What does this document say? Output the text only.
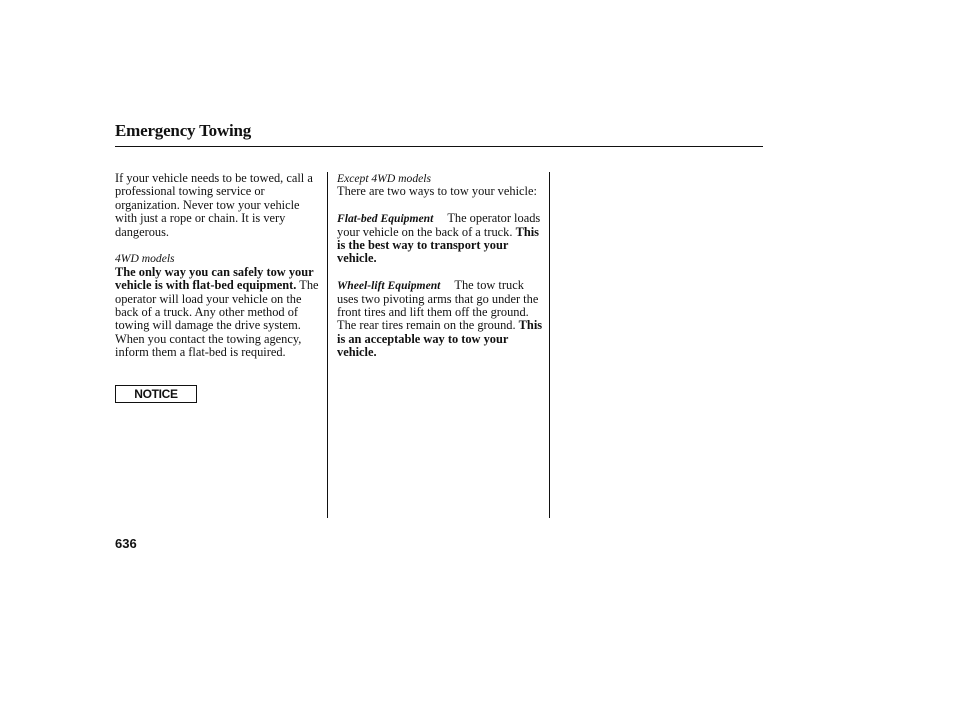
Emergency Towing

If your vehicle needs to be towed, call a professional towing service or organization. Never tow your vehicle with just a rope or chain. It is very dangerous.

4WD models

The only way you can safely tow your vehicle is with flat-bed equipment. The operator will load your vehicle on the back of a truck. Any other method of towing will damage the drive system. When you contact the towing agency, inform them a flat-bed is required.

NOTICE

Except 4WD models

There are two ways to tow your vehicle:

Flat-bed Equipment The operator loads your vehicle on the back of a truck. This is the best way to transport your vehicle.

Wheel-lift Equipment The tow truck uses two pivoting arms that go under the front tires and lift them off the ground. The rear tires remain on the ground. This is an acceptable way to tow your vehicle.

636
